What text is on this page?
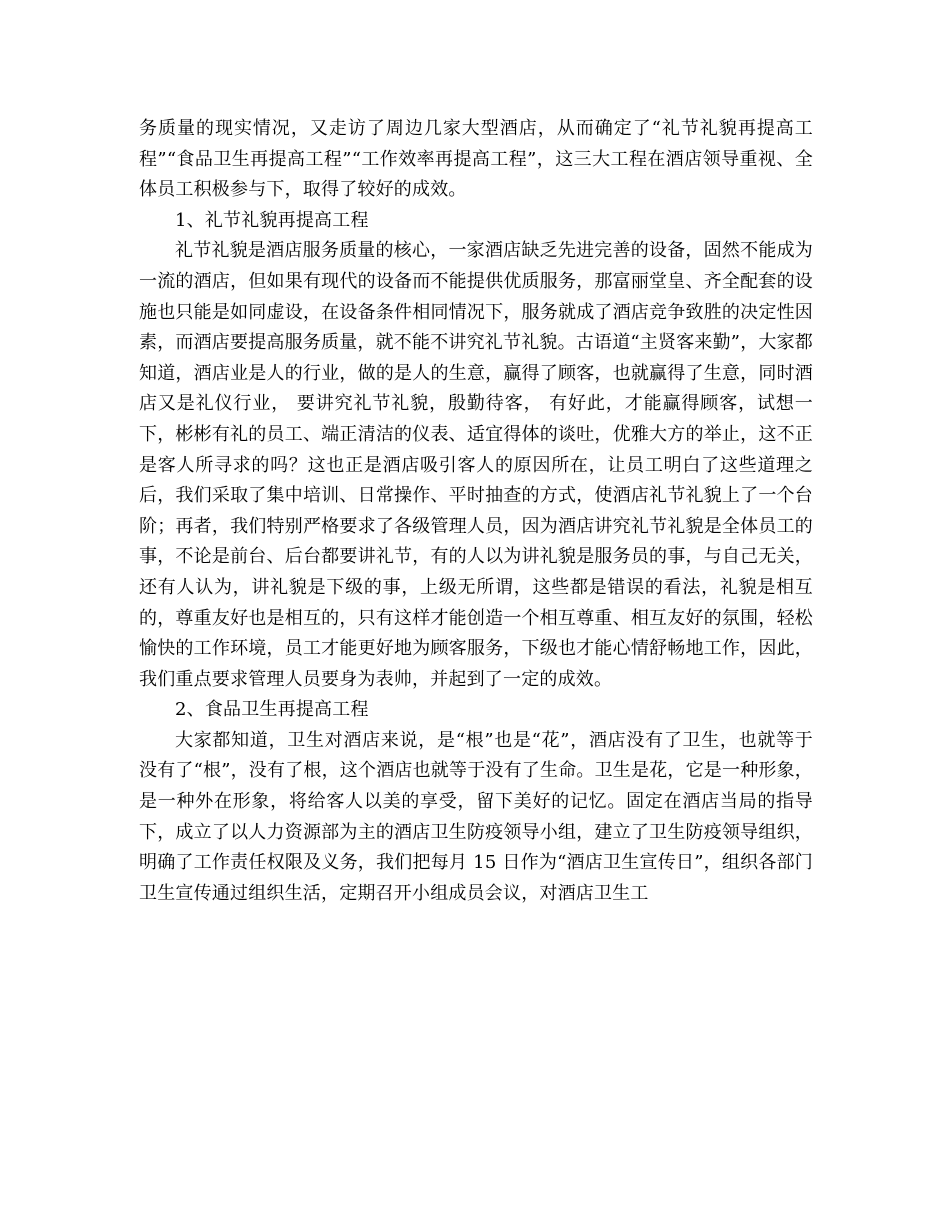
务质量的现实情况，又走访了周边几家大型酒店，从而确定了“礼节礼貌再提高工程”“食品卫生再提高工程”“工作效率再提高工程”，这三大工程在酒店领导重视、全体员工积极参与下，取得了较好的成效。

1、礼节礼貌再提高工程

礼节礼貌是酒店服务质量的核心，一家酒店缺乏先进完善的设备，固然不能成为一流的酒店，但如果有现代的设备而不能提供优质服务，那富丽堂皇、齐全配套的设施也只能是如同虚设，在设备条件相同情况下，服务就成了酒店竞争致胜的决定性因素，而酒店要提高服务质量，就不能不讲究礼节礼貌。古语道“主贤客来勤”，大家都知道，酒店业是人的行业，做的是人的生意，赢得了顾客，也就赢得了生意，同时酒店又是礼仪行业， 要讲究礼节礼貌，殷勤待客， 有好此，才能赢得顾客，试想一下，彬彬有礼的员工、端正清洁的仪表、适宜得体的谈吐，优雅大方的举止，这不正是客人所寻求的吗？这也正是酒店吸引客人的原因所在，让员工明白了这些道理之后，我们采取了集中培训、日常操作、平时抽查的方式，使酒店礼节礼貌上了一个台阶；再者，我们特别严格要求了各级管理人员，因为酒店讲究礼节礼貌是全体员工的事，不论是前台、后台都要讲礼节，有的人以为讲礼貌是服务员的事，与自己无关，还有人认为，讲礼貌是下级的事，上级无所谓，这些都是错误的看法，礼貌是相互的，尊重友好也是相互的，只有这样才能创造一个相互尊重、相互友好的氛围，轻松愉快的工作环境，员工才能更好地为顾客服务，下级也才能心情舒畅地工作，因此，我们重点要求管理人员要身为表帅，并起到了一定的成效。

2、食品卫生再提高工程

大家都知道，卫生对酒店来说，是“根”也是“花”，酒店没有了卫生，也就等于没有了“根”，没有了根，这个酒店也就等于没有了生命。卫生是花，它是一种形象，是一种外在形象，将给客人以美的享受，留下美好的记忆。固定在酒店当局的指导下，成立了以人力资源部为主的酒店卫生防疫领导小组，建立了卫生防疫领导组织，明确了工作责任权限及义务，我们把每月 15 日作为“酒店卫生宣传日”，组织各部门卫生宣传通过组织生活，定期召开小组成员会议，对酒店卫生工
